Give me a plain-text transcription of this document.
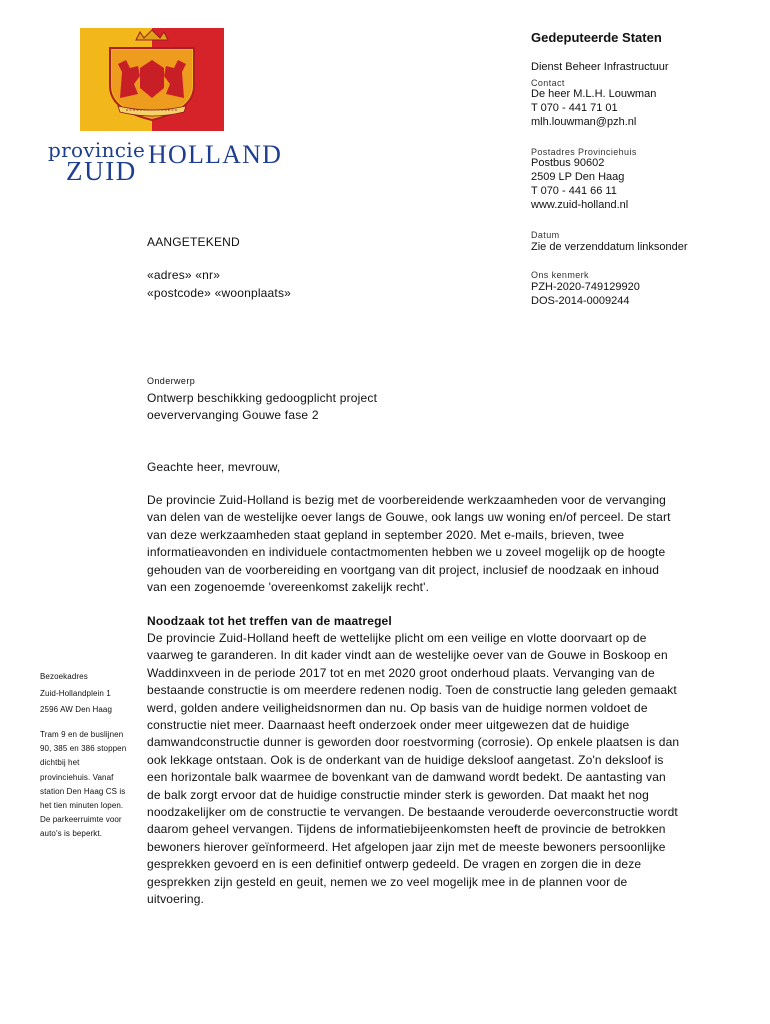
provincie HOLLAND
ZUID
Gedeputeerde Staten
Dienst Beheer Infrastructuur
Contact
De heer M.L.H. Louwman
T 070 - 441 71 01
mlh.louwman@pzh.nl
Postadres Provinciehuis
Postbus 90602
2509 LP Den Haag
T 070 - 441 66 11
www.zuid-holland.nl
Datum
Zie de verzenddatum linksonder
Ons kenmerk
PZH-2020-749129920
DOS-2014-0009244
AANGETEKEND
«adres» «nr»
«postcode» «woonplaats»
Onderwerp
Ontwerp beschikking gedoogplicht project
oeververvanging Gouwe fase 2
Geachte heer, mevrouw,

De provincie Zuid-Holland is bezig met de voorbereidende werkzaamheden voor de vervanging

van delen van de westelijke oever langs de Gouwe, ook langs uw woning en/of perceel. De start

van deze werkzaamheden staat gepland in september 2020. Met e-mails, brieven, twee

informatieavonden en individuele contactmomenten hebben we u zoveel mogelijk op de hoogte

gehouden van de voorbereiding en voortgang van dit project, inclusief de noodzaak en inhoud

van een zogenoemde 'overeenkomst zakelijk recht'.

Noodzaak tot het treffen van de maatregel

De provincie Zuid-Holland heeft de wettelijke plicht om een veilige en vlotte doorvaart op de

vaarweg te garanderen. In dit kader vindt aan de westelijke oever van de Gouwe in Boskoop en

Waddinxveen in de periode 2017 tot en met 2020 groot onderhoud plaats. Vervanging van de

bestaande constructie is om meerdere redenen nodig. Toen de constructie lang geleden gemaakt

werd, golden andere veiligheidsnormen dan nu. Op basis van de huidige normen voldoet de

constructie niet meer. Daarnaast heeft onderzoek onder meer uitgewezen dat de huidige

damwandconstructie dunner is geworden door roestvorming (corrosie). Op enkele plaatsen is dan

ook lekkage ontstaan. Ook is de onderkant van de huidige deksloof aangetast. Zo'n deksloof is

een horizontale balk waarmee de bovenkant van de damwand wordt bedekt. De aantasting van

de balk zorgt ervoor dat de huidige constructie minder sterk is geworden. Dat maakt het nog

noodzakelijker om de constructie te vervangen. De bestaande verouderde oeverconstructie wordt

daarom geheel vervangen. Tijdens de informatiebijeenkomsten heeft de provincie de betrokken

bewoners hierover geïnformeerd. Het afgelopen jaar zijn met de meeste bewoners persoonlijke

gesprekken gevoerd en is een definitief ontwerp gedeeld. De vragen en zorgen die in deze

gesprekken zijn gesteld en geuit, nemen we zo veel mogelijk mee in de plannen voor de

uitvoering.

Bezoekadres

Zuid-Hollandplein 1

2596 AW Den Haag

Tram 9 en de buslijnen

90, 385 en 386 stoppen

dichtbij het

provinciehuis. Vanaf

station Den Haag CS is

het tien minuten lopen.

De parkeerruimte voor

auto's is beperkt.
